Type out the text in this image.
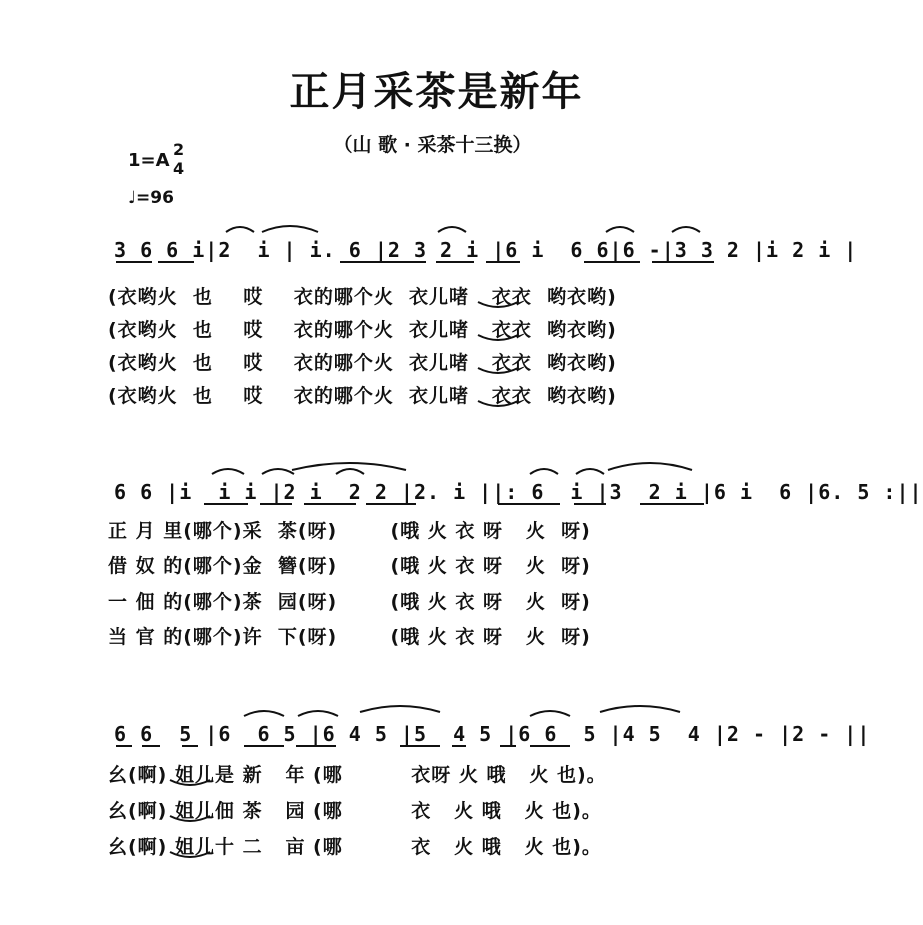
正月采茶是新年
（山 歌 · 采茶十三换）
1=A
2
4
♩=96
3 6 6 i|2  i | i. 6 |2 3 2 i |6 i  6 6|6 -|3 3 2 |i 2 i |
(衣哟火  也    哎    衣的哪个火  衣儿啫   衣衣  哟衣哟)
(衣哟火  也    哎    衣的哪个火  衣儿啫   衣衣  哟衣哟)
(衣哟火  也    哎    衣的哪个火  衣儿啫   衣衣  哟衣哟)
(衣哟火  也    哎    衣的哪个火  衣儿啫   衣衣  哟衣哟)
6 6 |i  i i |2 i  2 2 |2. i ||: 6  i |3  2 i |6 i  6 |6. 5 :||
正 月 里(哪个)采  茶(呀)       (哦 火 衣 呀   火  呀)
借 奴 的(哪个)金  簪(呀)       (哦 火 衣 呀   火  呀)
一 佃 的(哪个)茶  园(呀)       (哦 火 衣 呀   火  呀)
当 官 的(哪个)许  下(呀)       (哦 火 衣 呀   火  呀)
6 6  5 |6  6 5 |6 4 5 |5  4 5 |6 6  5 |4 5  4 |2 - |2 - ||
幺(啊) 姐儿是 新   年 (哪         衣呀 火 哦   火 也)。
幺(啊) 姐儿佃 茶   园 (哪         衣   火 哦   火 也)。
幺(啊) 姐儿十 二   亩 (哪         衣   火 哦   火 也)。
